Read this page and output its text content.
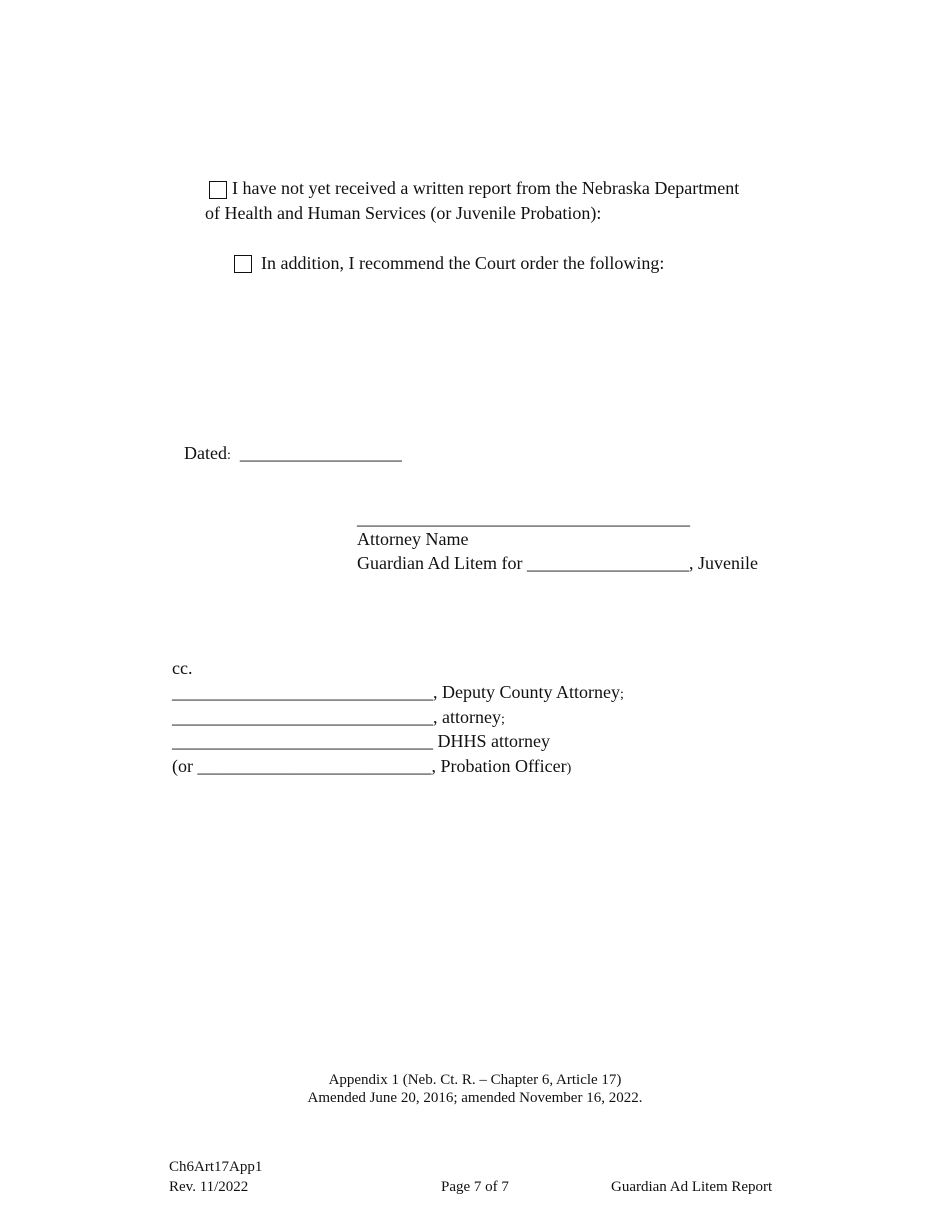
I have not yet received a written report from the Nebraska Department
of Health and Human Services (or Juvenile Probation):
In addition, I recommend the Court order the following:
Dated: __________________
_____________________________________
Attorney Name
Guardian Ad Litem for __________________, Juvenile
cc.
_____________________________, Deputy County Attorney;
_____________________________, attorney;
_____________________________ DHHS attorney
(or __________________________, Probation Officer)
Appendix 1 (Neb. Ct. R. – Chapter 6, Article 17)
Amended June 20, 2016; amended November 16, 2022.
Ch6Art17App1
Rev. 11/2022	Page 7 of 7	Guardian Ad Litem Report
